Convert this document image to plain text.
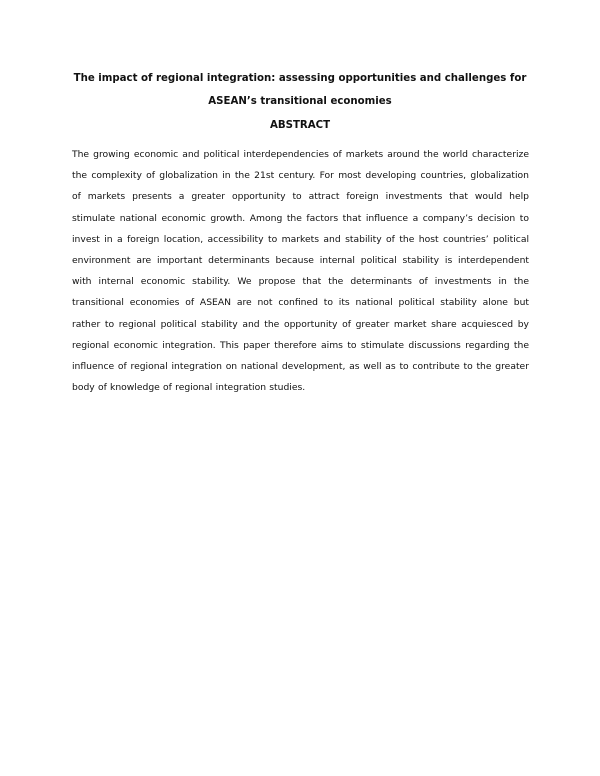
The impact of regional integration: assessing opportunities and challenges for
ASEAN’s transitional economies
ABSTRACT
The growing economic and political interdependencies of markets around the world characterize
the complexity of globalization in the 21st century. For most developing countries, globalization
of markets presents a greater opportunity to attract foreign investments that would help
stimulate national economic growth. Among the factors that influence a company’s decision to
invest in a foreign location, accessibility to markets and stability of the host countries’ political
environment are important determinants because internal political stability is interdependent
with internal economic stability. We propose that the determinants of investments in the
transitional economies of ASEAN are not confined to its national political stability alone but
rather to regional political stability and the opportunity of greater market share acquiesced by
regional economic integration. This paper therefore aims to stimulate discussions regarding the
influence of regional integration on national development, as well as to contribute to the greater
body of knowledge of regional integration studies.
